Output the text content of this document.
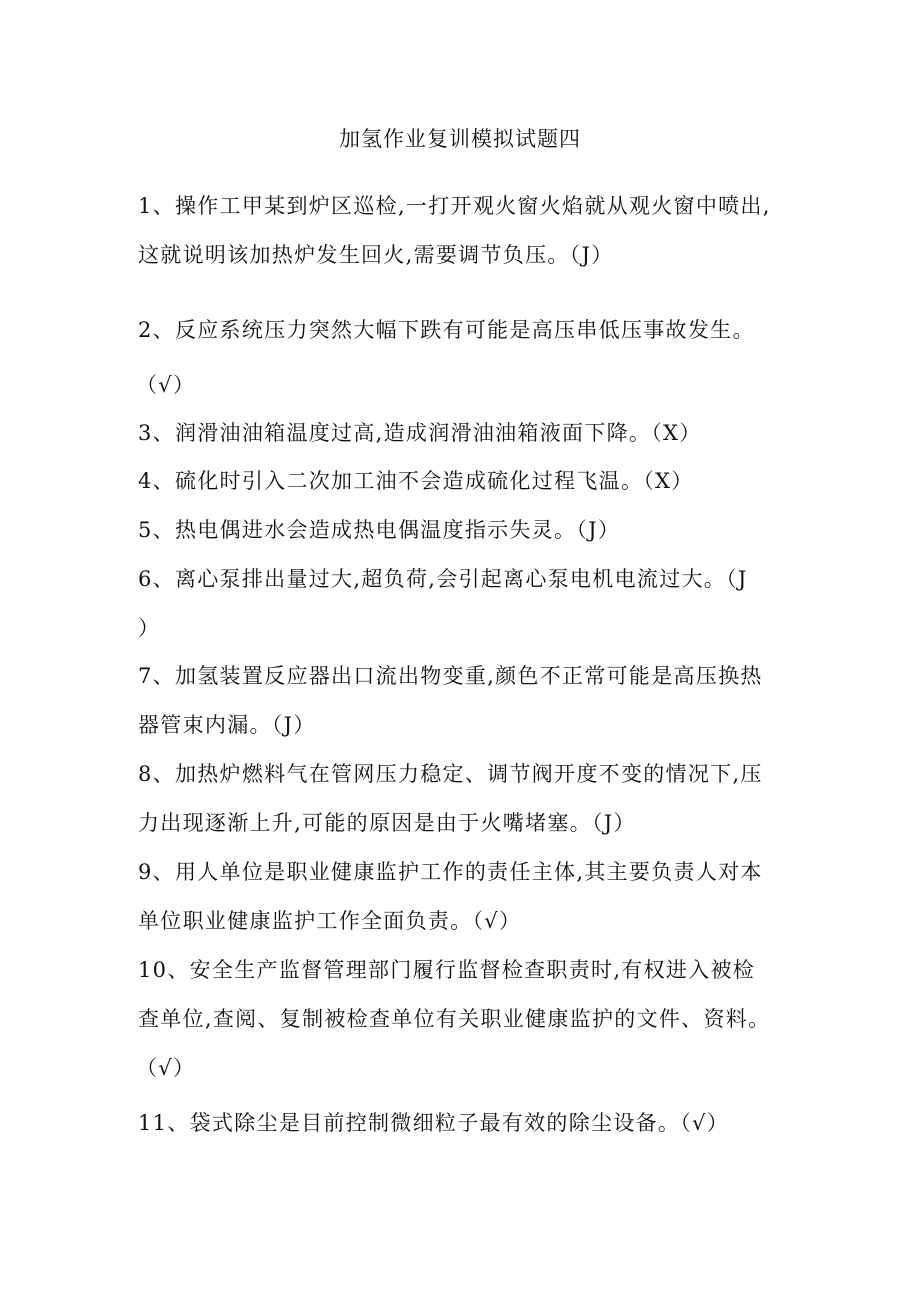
加氢作业复训模拟试题四
1、操作工甲某到炉区巡检,一打开观火窗火焰就从观火窗中喷出,
这就说明该加热炉发生回火,需要调节负压。（J）
2、反应系统压力突然大幅下跌有可能是高压串低压事故发生。
（√）
3、润滑油油箱温度过高,造成润滑油油箱液面下降。（X）
4、硫化时引入二次加工油不会造成硫化过程飞温。（X）
5、热电偶进水会造成热电偶温度指示失灵。（J）
6、离心泵排出量过大,超负荷,会引起离心泵电机电流过大。（J
）
7、加氢装置反应器出口流出物变重,颜色不正常可能是高压换热
器管束内漏。（J）
8、加热炉燃料气在管网压力稳定、调节阀开度不变的情况下,压
力出现逐渐上升,可能的原因是由于火嘴堵塞。（J）
9、用人单位是职业健康监护工作的责任主体,其主要负责人对本
单位职业健康监护工作全面负责。（√）
10、安全生产监督管理部门履行监督检查职责时,有权进入被检
查单位,查阅、复制被检查单位有关职业健康监护的文件、资料。
（√）
11、袋式除尘是目前控制微细粒子最有效的除尘设备。（√）
